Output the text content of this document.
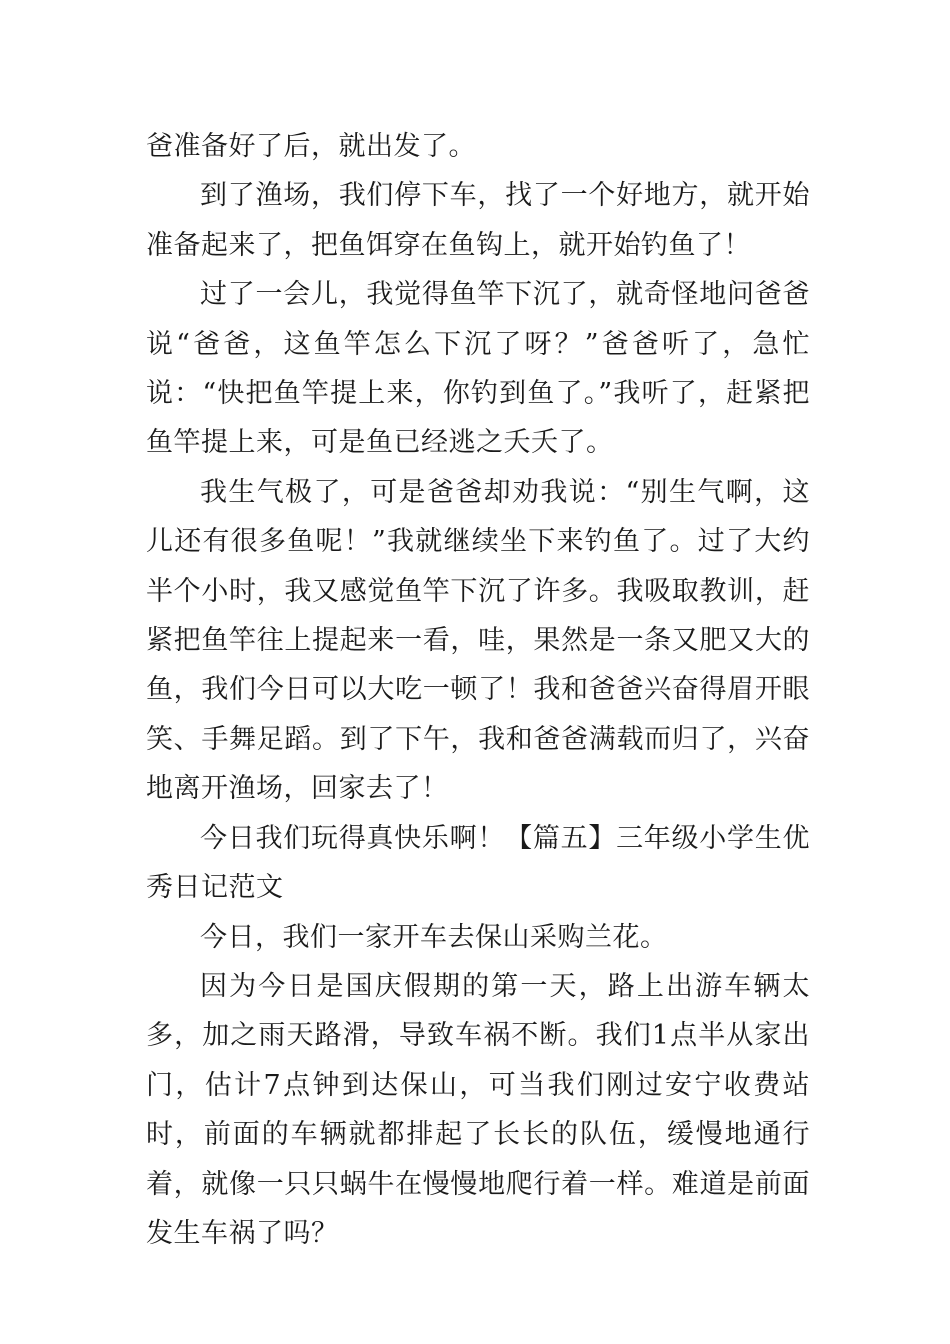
爸准备好了后，就出发了。

到了渔场，我们停下车，找了一个好地方，就开始准备起来了，把鱼饵穿在鱼钩上，就开始钓鱼了！

过了一会儿，我觉得鱼竿下沉了，就奇怪地问爸爸说“爸爸，这鱼竿怎么下沉了呀？”爸爸听了，急忙说：“快把鱼竿提上来，你钓到鱼了。”我听了，赶紧把鱼竿提上来，可是鱼已经逃之夭夭了。

我生气极了，可是爸爸却劝我说：“别生气啊，这儿还有很多鱼呢！”我就继续坐下来钓鱼了。过了大约半个小时，我又感觉鱼竿下沉了许多。我吸取教训，赶紧把鱼竿往上提起来一看，哇，果然是一条又肥又大的鱼，我们今日可以大吃一顿了！我和爸爸兴奋得眉开眼笑、手舞足蹈。到了下午，我和爸爸满载而归了，兴奋地离开渔场，回家去了！

今日我们玩得真快乐啊！【篇五】三年级小学生优秀日记范文

今日，我们一家开车去保山采购兰花。

因为今日是国庆假期的第一天，路上出游车辆太多，加之雨天路滑，导致车祸不断。我们1点半从家出门，估计7点钟到达保山，可当我们刚过安宁收费站时，前面的车辆就都排起了长长的队伍，缓慢地通行着，就像一只只蜗牛在慢慢地爬行着一样。难道是前面发生车祸了吗？
